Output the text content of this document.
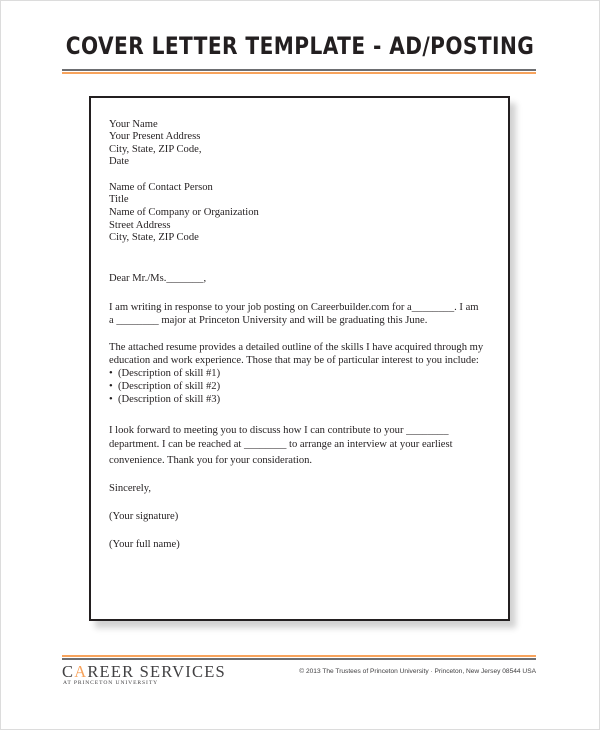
COVER LETTER TEMPLATE - AD/POSTING
Your Name
Your Present Address
City, State, ZIP Code,
Date
Name of Contact Person
Title
Name of Company or Organization
Street Address
City, State, ZIP Code
Dear Mr./Ms._______,
I am writing in response to your job posting on Careerbuilder.com for a________. I am
a ________ major at Princeton University and will be graduating this June.
The attached resume provides a detailed outline of the skills I have acquired through my
education and work experience. Those that may be of particular interest to you include:
• (Description of skill #1)
• (Description of skill #2)
• (Description of skill #3)
I look forward to meeting you to discuss how I can contribute to your ________
department. I can be reached at ________ to arrange an interview at your earliest
convenience. Thank you for your consideration.
Sincerely,
(Your signature)
(Your full name)
CAREER SERVICES
AT PRINCETON UNIVERSITY
© 2013 The Trustees of Princeton University · Princeton, New Jersey 08544 USA
